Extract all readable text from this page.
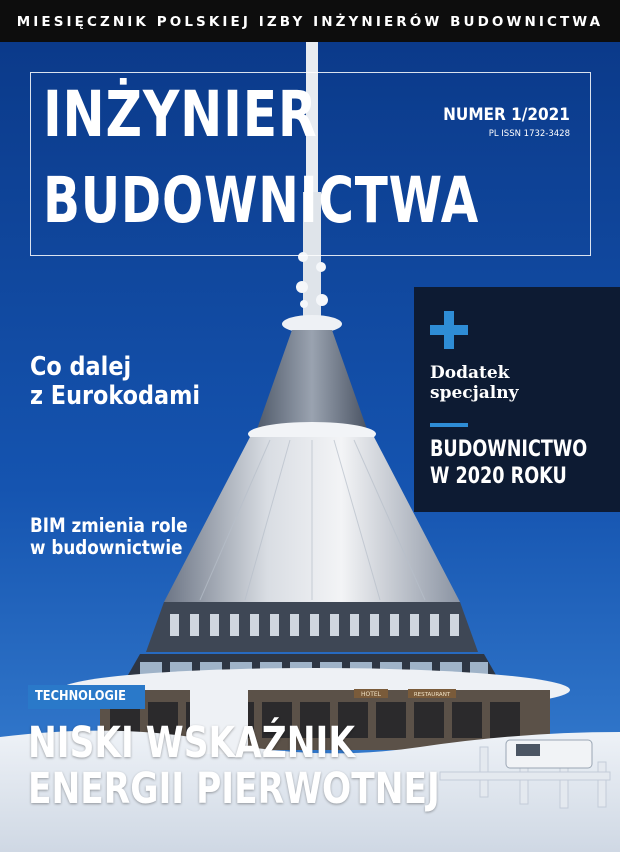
MIESIĘCZNIK POLSKIEJ IZBY INŻYNIERÓW BUDOWNICTWA
HOTEL	RESTAURANT
INŻYNIER
BUDOWNICTWA
NUMER 1/2021
PL ISSN 1732-3428
Co dalej
z Eurokodami
BIM zmienia role
w budownictwie
Dodatek
specjalny
BUDOWNICTWO
W 2020 ROKU
TECHNOLOGIE
NISKI WSKAŹNIK
ENERGII PIERWOTNEJ
